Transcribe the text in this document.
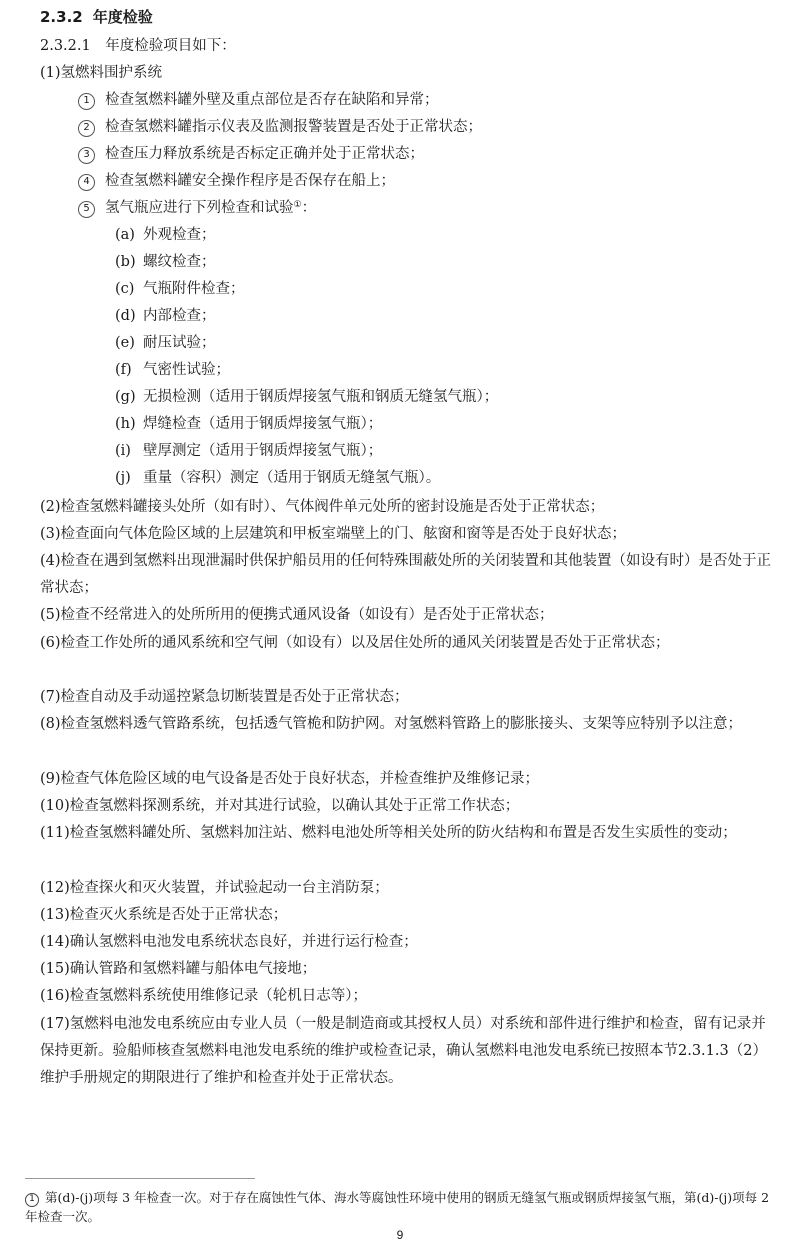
2.3.2 年度检验
2.3.2.1　年度检验项目如下：
(1)氢燃料围护系统
1 检查氢燃料罐外壁及重点部位是否存在缺陷和异常；
2 检查氢燃料罐指示仪表及监测报警装置是否处于正常状态；
3 检查压力释放系统是否标定正确并处于正常状态；
4 检查氢燃料罐安全操作程序是否保存在船上；
5 氢气瓶应进行下列检查和试验①：
(a) 外观检查；
(b) 螺纹检查；
(c) 气瓶附件检查；
(d) 内部检查；
(e) 耐压试验；
(f) 气密性试验；
(g) 无损检测（适用于钢质焊接氢气瓶和钢质无缝氢气瓶）；
(h) 焊缝检查（适用于钢质焊接氢气瓶）；
(i) 壁厚测定（适用于钢质焊接氢气瓶）；
(j) 重量（容积）测定（适用于钢质无缝氢气瓶）。
(2)检查氢燃料罐接头处所（如有时）、气体阀件单元处所的密封设施是否处于正常状态；
(3)检查面向气体危险区域的上层建筑和甲板室端壁上的门、舷窗和窗等是否处于良好状态；
(4)检查在遇到氢燃料出现泄漏时供保护船员用的任何特殊围蔽处所的关闭装置和其他装置（如设有时）是否处于正常状态；
(5)检查不经常进入的处所所用的便携式通风设备（如设有）是否处于正常状态；
(6)检查工作处所的通风系统和空气闸（如设有）以及居住处所的通风关闭装置是否处于正常状态；
(7)检查自动及手动遥控紧急切断装置是否处于正常状态；
(8)检查氢燃料透气管路系统，包括透气管桅和防护网。对氢燃料管路上的膨胀接头、支架等应特别予以注意；
(9)检查气体危险区域的电气设备是否处于良好状态，并检查维护及维修记录；
(10)检查氢燃料探测系统，并对其进行试验，以确认其处于正常工作状态；
(11)检查氢燃料罐处所、氢燃料加注站、燃料电池处所等相关处所的防火结构和布置是否发生实质性的变动；
(12)检查探火和灭火装置，并试验起动一台主消防泵；
(13)检查灭火系统是否处于正常状态；
(14)确认氢燃料电池发电系统状态良好，并进行运行检查；
(15)确认管路和氢燃料罐与船体电气接地；
(16)检查氢燃料系统使用维修记录（轮机日志等）；
(17)氢燃料电池发电系统应由专业人员（一般是制造商或其授权人员）对系统和部件进行维护和检查，留有记录并保持更新。验船师核查氢燃料电池发电系统的维护或检查记录，确认氢燃料电池发电系统已按照本节2.3.1.3（2）维护手册规定的期限进行了维护和检查并处于正常状态。
1 第(d)-(j)项每 3 年检查一次。对于存在腐蚀性气体、海水等腐蚀性环境中使用的钢质无缝氢气瓶或钢质焊接氢气瓶，第(d)-(j)项每 2 年检查一次。
9
